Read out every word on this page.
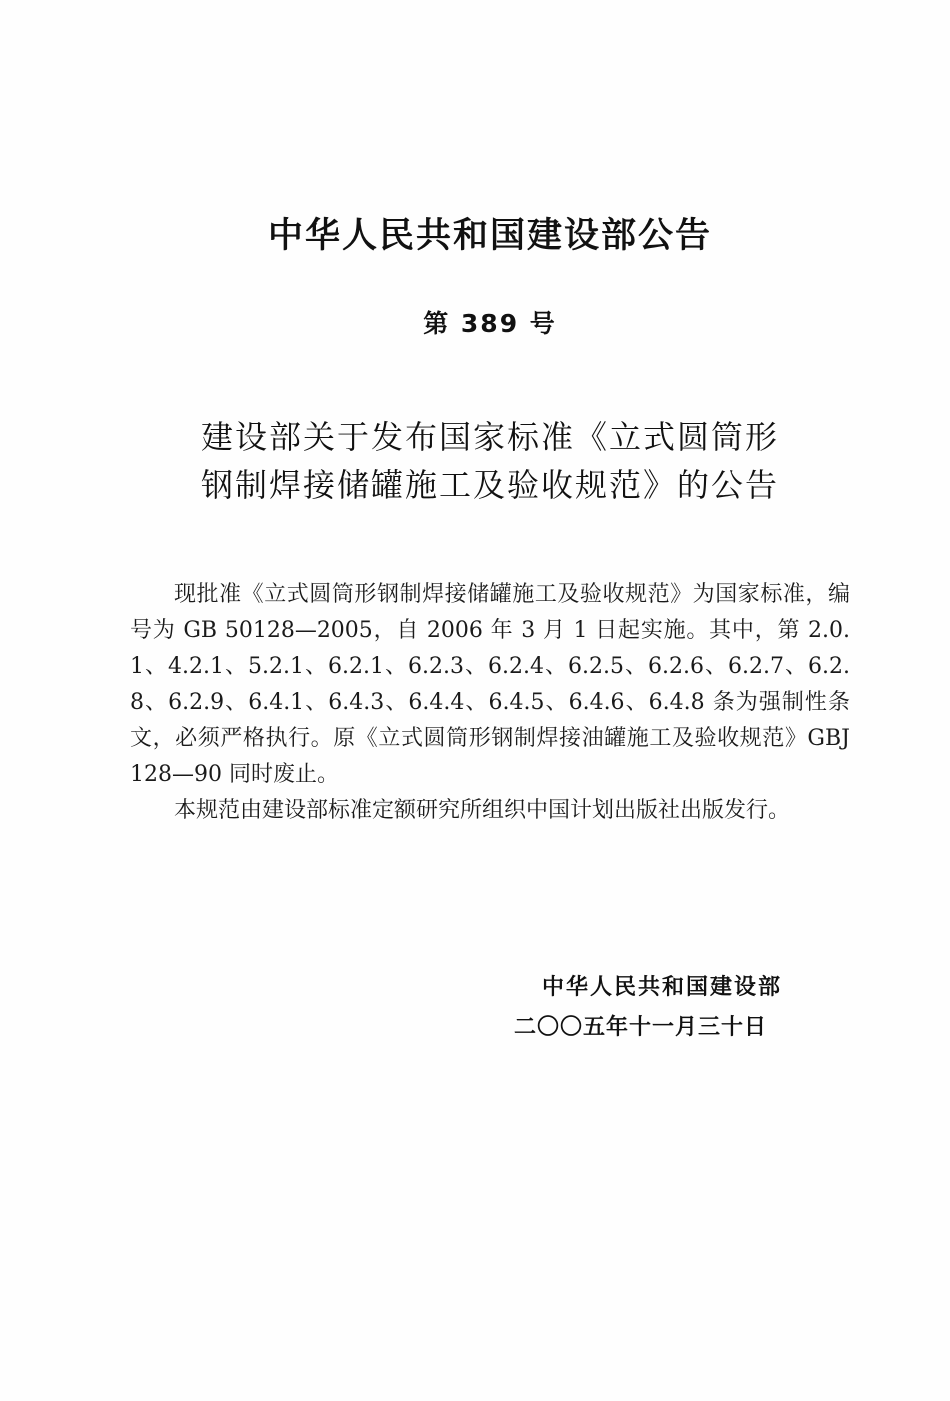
中华人民共和国建设部公告
第 389 号
建设部关于发布国家标准《立式圆筒形
钢制焊接储罐施工及验收规范》的公告

现批准《立式圆筒形钢制焊接储罐施工及验收规范》为国家标准，编号为 GB 50128—2005，自 2006 年 3 月 1 日起实施。其中，第 2.0.1、4.2.1、5.2.1、6.2.1、6.2.3、6.2.4、6.2.5、6.2.6、6.2.7、6.2.8、6.2.9、6.4.1、6.4.3、6.4.4、6.4.5、6.4.6、6.4.8 条为强制性条文，必须严格执行。原《立式圆筒形钢制焊接油罐施工及验收规范》GBJ 128—90 同时废止。

本规范由建设部标准定额研究所组织中国计划出版社出版发行。

中华人民共和国建设部
二〇〇五年十一月三十日
